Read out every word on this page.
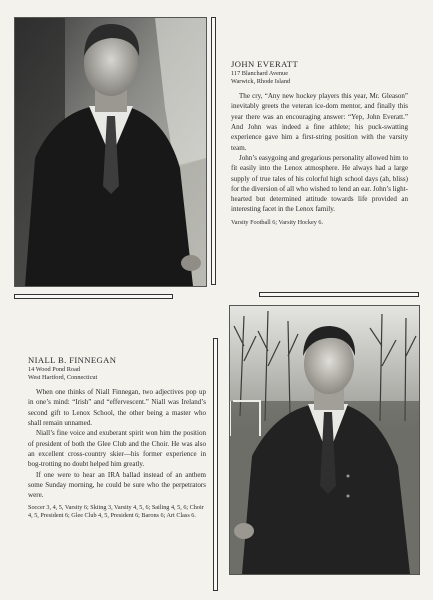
JOHN EVERATT

117 Blanchard Avenue

Warwick, Rhode Island

The cry, “Any new hockey players this year, Mr. Gleason” inevitably greets the veteran ice-dom mentor, and finally this year there was an encouraging answer: “Yep, John Everatt.” And John was indeed a fine athlete; his puck-swatting experience gave him a first-string position with the varsity team.

John’s easygoing and gregarious personality allowed him to fit easily into the Lenox atmosphere. He always had a large supply of true tales of his colorful high school days (ah, bliss) for the diversion of all who wished to lend an ear. John’s light-hearted but determined attitude towards life provided an interesting facet in the Lenox family.

Varsity Football 6; Varsity Hockey 6.

NIALL B. FINNEGAN

14 Wood Pond Road

West Hartford, Connecticut

When one thinks of Niall Finnegan, two adjectives pop up in one’s mind: “Irish” and “effervescent.” Niall was Ireland’s second gift to Lenox School, the other being a master who shall remain unnamed.

Niall’s fine voice and exuberant spirit won him the position of president of both the Glee Club and the Choir. He was also an excellent cross-country skier—his former experience in bog-trotting no doubt helped him greatly.

If one were to hear an IRA ballad instead of an anthem some Sunday morning, he could be sure who the perpetrators were.

Soccer 3, 4, 5, Varsity 6; Skiing 3, Varsity 4, 5, 6; Sailing 4, 5, 6; Choir 4, 5, President 6; Glee Club 4, 5, President 6; Barons 6; Art Class 6.
